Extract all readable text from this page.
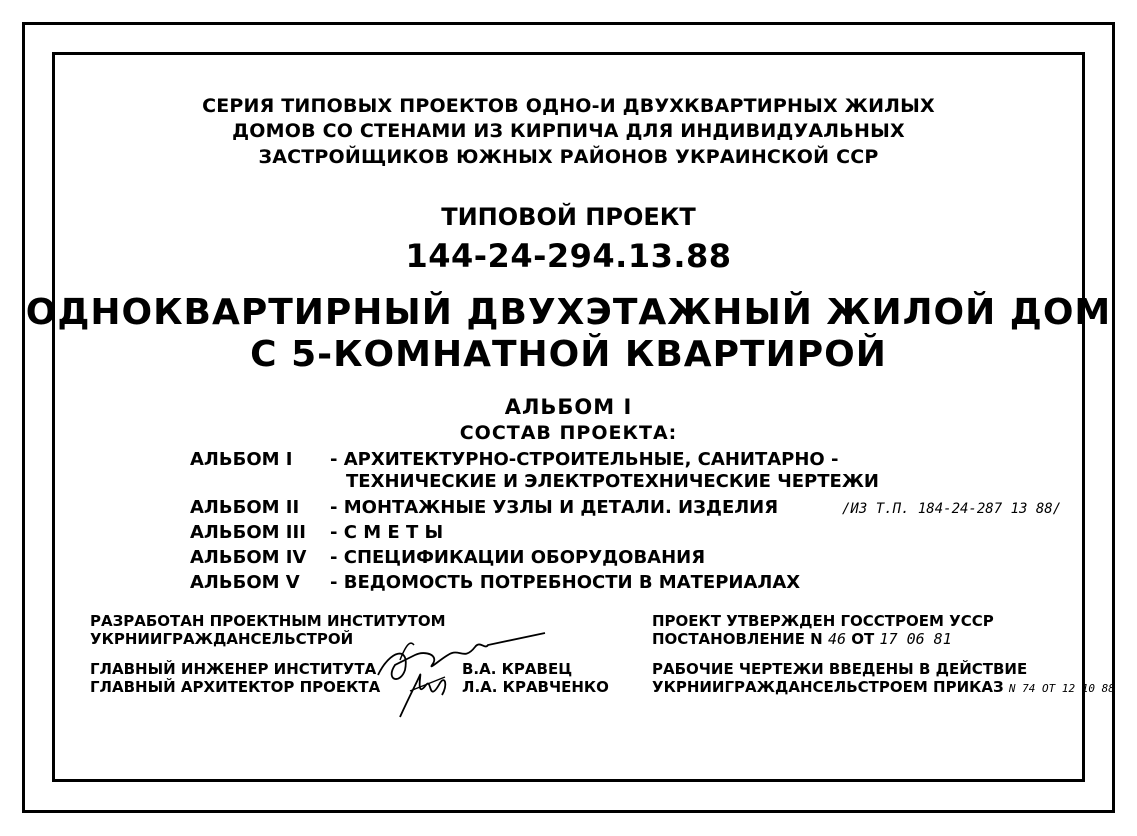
СЕРИЯ ТИПОВЫХ ПРОЕКТОВ ОДНО-И ДВУХКВАРТИРНЫХ ЖИЛЫХ
ДОМОВ СО СТЕНАМИ ИЗ КИРПИЧА ДЛЯ ИНДИВИДУАЛЬНЫХ
ЗАСТРОЙЩИКОВ ЮЖНЫХ РАЙОНОВ УКРАИНСКОЙ ССР
ТИПОВОЙ ПРОЕКТ
144-24-294.13.88
ОДНОКВАРТИРНЫЙ ДВУХЭТАЖНЫЙ ЖИЛОЙ ДОМ
С 5-КОМНАТНОЙ КВАРТИРОЙ
АЛЬБОМ I
СОСТАВ ПРОЕКТА:
АЛЬБОМ I - АРХИТЕКТУРНО-СТРОИТЕЛЬНЫЕ, САНИТАРНО -
ТЕХНИЧЕСКИЕ И ЭЛЕКТРОТЕХНИЧЕСКИЕ ЧЕРТЕЖИ
АЛЬБОМ II - МОНТАЖНЫЕ УЗЛЫ И ДЕТАЛИ. ИЗДЕЛИЯ	/ИЗ Т.П. 184-24-287 13 88/
АЛЬБОМ III - С М Е Т Ы
АЛЬБОМ IV - СПЕЦИФИКАЦИИ ОБОРУДОВАНИЯ
АЛЬБОМ V - ВЕДОМОСТЬ ПОТРЕБНОСТИ В МАТЕРИАЛАХ
РАЗРАБОТАН ПРОЕКТНЫМ ИНСТИТУТОМ
УКРНИИГРАЖДАНСЕЛЬСТРОЙ
ГЛАВНЫЙ ИНЖЕНЕР ИНСТИТУТА
ГЛАВНЫЙ АРХИТЕКТОР ПРОЕКТА
В.А. КРАВЕЦ
Л.А. КРАВЧЕНКО
ПРОЕКТ УТВЕРЖДЕН ГОССТРОЕМ УССР
ПОСТАНОВЛЕНИЕ N 46 ОТ 17 06 81
РАБОЧИЕ ЧЕРТЕЖИ ВВЕДЕНЫ В ДЕЙСТВИЕ
УКРНИИГРАЖДАНСЕЛЬСТРОЕМ ПРИКАЗ N 74 ОТ 12 10 88
